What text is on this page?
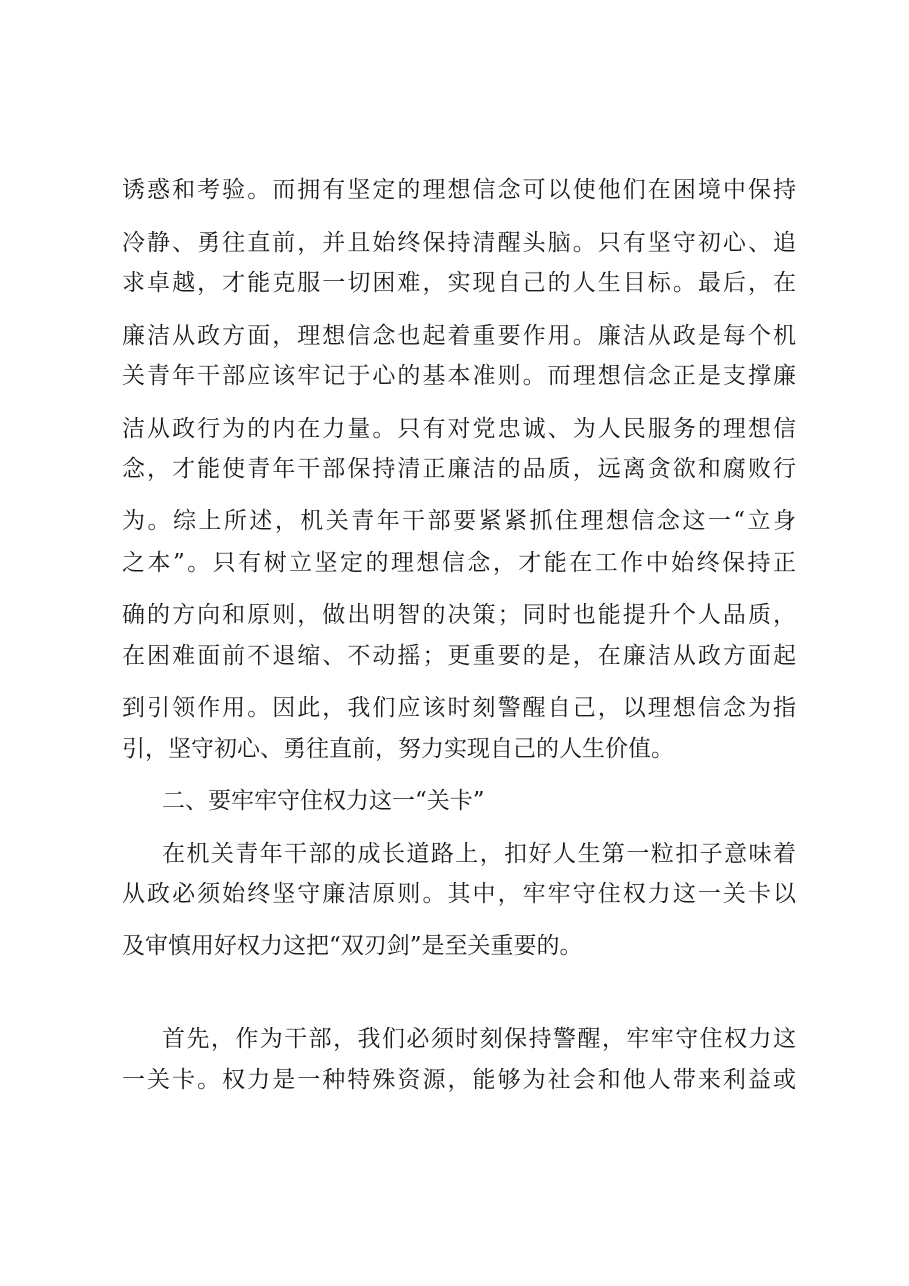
诱惑和考验。而拥有坚定的理想信念可以使他们在困境中保持
冷静、勇往直前，并且始终保持清醒头脑。只有坚守初心、追
求卓越，才能克服一切困难，实现自己的人生目标。最后，在
廉洁从政方面，理想信念也起着重要作用。廉洁从政是每个机
关青年干部应该牢记于心的基本准则。而理想信念正是支撑廉
洁从政行为的内在力量。只有对党忠诚、为人民服务的理想信
念，才能使青年干部保持清正廉洁的品质，远离贪欲和腐败行
为。综上所述，机关青年干部要紧紧抓住理想信念这一“立身
之本”。只有树立坚定的理想信念，才能在工作中始终保持正
确的方向和原则，做出明智的决策；同时也能提升个人品质，
在困难面前不退缩、不动摇；更重要的是，在廉洁从政方面起
到引领作用。因此，我们应该时刻警醒自己，以理想信念为指
引，坚守初心、勇往直前，努力实现自己的人生价值。
二、要牢牢守住权力这一“关卡”
在机关青年干部的成长道路上，扣好人生第一粒扣子意味着
从政必须始终坚守廉洁原则。其中，牢牢守住权力这一关卡以
及审慎用好权力这把“双刃剑”是至关重要的。
首先，作为干部，我们必须时刻保持警醒，牢牢守住权力这
一关卡。权力是一种特殊资源，能够为社会和他人带来利益或
